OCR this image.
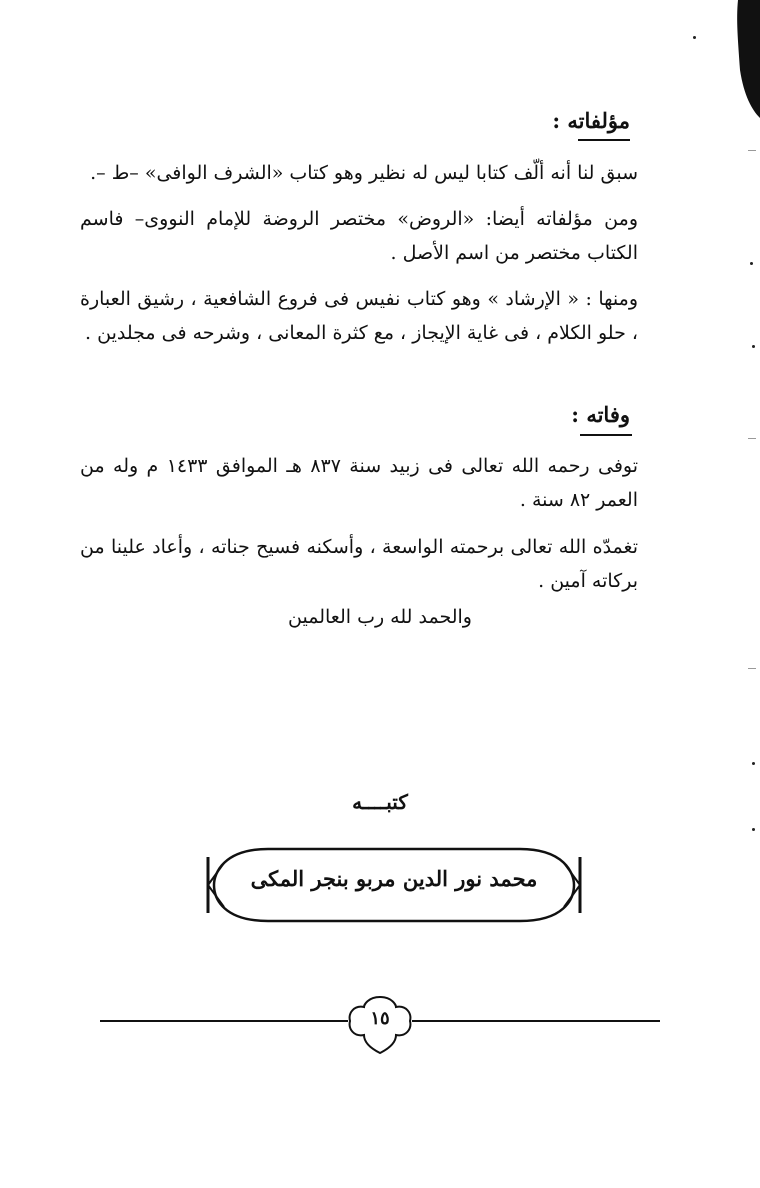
مؤلفاته :
سبق لنا أنه ألّف كتابا ليس له نظير وهو كتاب «الشرف الوافى» –ط –.
ومن مؤلفاته أيضا: «الروض» مختصر الروضة للإمام النووى– فاسم الكتاب مختصر من اسم الأصل .
ومنها : « الإرشاد » وهو كتاب نفيس فى فروع الشافعية ، رشيق العبارة ، حلو الكلام ، فى غاية الإيجاز ، مع كثرة المعانى ، وشرحه فى مجلدين .
وفاته :
توفى رحمه الله تعالى فى زبيد سنة ٨٣٧ هـ الموافق ١٤٣٣ م وله من العمر ٨٢ سنة .
تغمدّه الله تعالى برحمته الواسعة ، وأسكنه فسيح جناته ، وأعاد علينا من بركاته آمين .
والحمد لله رب العالمين
كتبــــه
محمد نور الدين مربو بنجر المكى
١٥
